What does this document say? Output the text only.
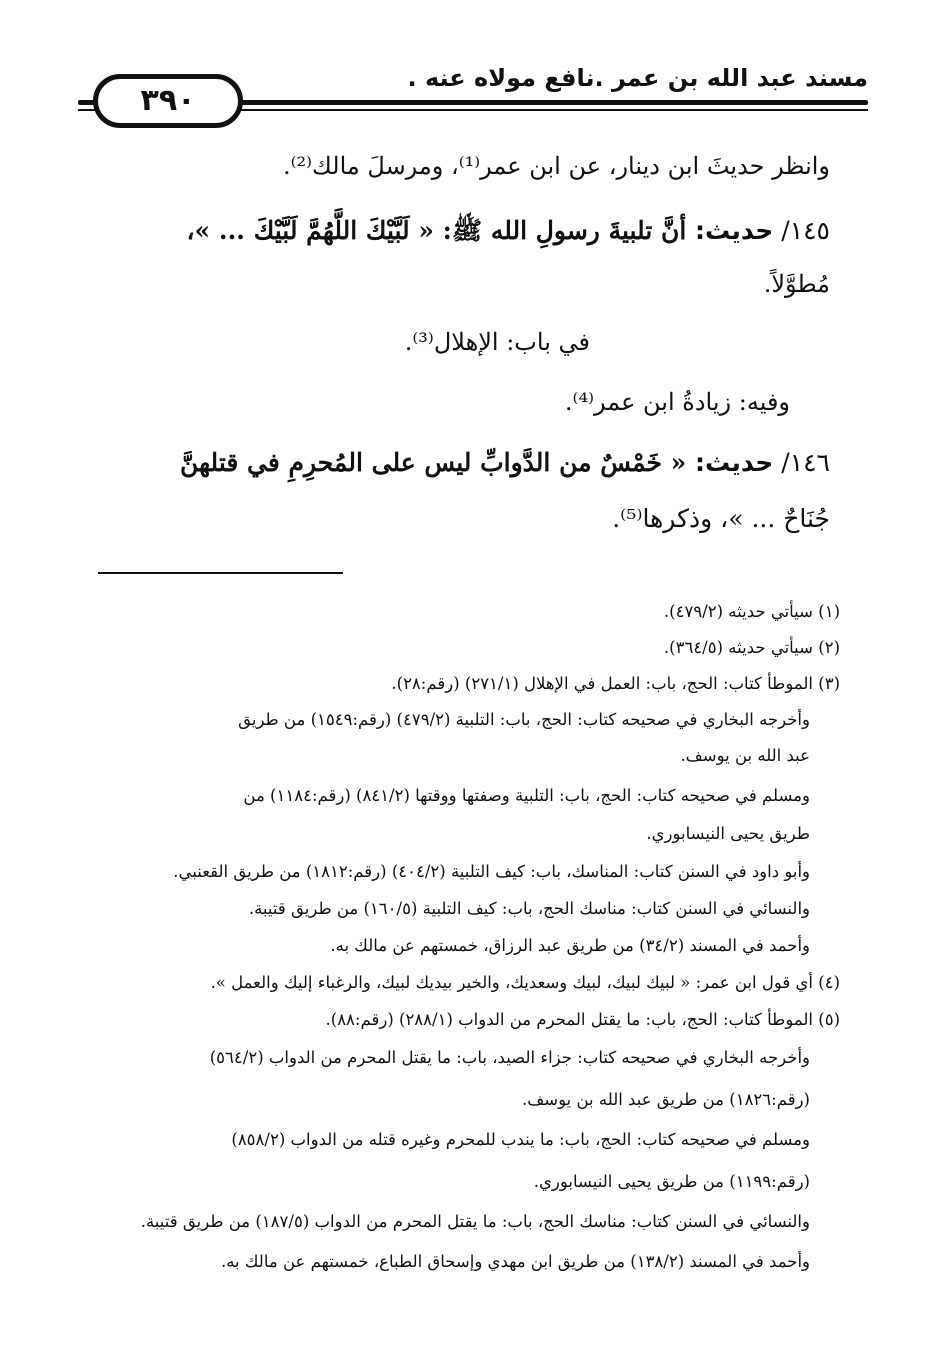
مسند عبد الله بن عمر .نافع مولاه عنه .
٣٩٠
وانظر حديثَ ابن دينار، عن ابن عمر⁽¹⁾، ومرسلَ مالك⁽²⁾.
١٤٥/ حديث: أنَّ تلبيةَ رسولِ الله ﷺ: « لَبَّيْكَ اللَّهُمَّ لَبَّيْكَ ... »،
مُطوَّلاً.
في باب: الإهلال⁽³⁾.
وفيه: زيادةُ ابن عمر⁽⁴⁾.
١٤٦/ حديث: « خَمْسٌ من الدَّوابِّ ليس على المُحرِمِ في قتلهنَّ
جُنَاحٌ ... »، وذكرها⁽⁵⁾.
(١) سيأتي حديثه (٤٧٩/٢).
(٢) سيأتي حديثه (٣٦٤/٥).
(٣) الموطأ كتاب: الحج، باب: العمل في الإهلال (٢٧١/١) (رقم:٢٨).
وأخرجه البخاري في صحيحه كتاب: الحج، باب: التلبية (٤٧٩/٢) (رقم:١٥٤٩) من طريق
عبد الله بن يوسف.
ومسلم في صحيحه كتاب: الحج، باب: التلبية وصفتها ووقتها (٨٤١/٢) (رقم:١١٨٤) من
طريق يحيى النيسابوري.
وأبو داود في السنن كتاب: المناسك، باب: كيف التلبية (٤٠٤/٢) (رقم:١٨١٢) من طريق القعنبي.
والنسائي في السنن كتاب: مناسك الحج، باب: كيف التلبية (١٦٠/٥) من طريق قتيبة.
وأحمد في المسند (٣٤/٢) من طريق عبد الرزاق، خمستهم عن مالك به.
(٤) أي قول ابن عمر: « لبيك لبيك، لبيك وسعديك، والخير بيديك لبيك، والرغباء إليك والعمل ».
(٥) الموطأ كتاب: الحج، باب: ما يقتل المحرم من الدواب (٢٨٨/١) (رقم:٨٨).
وأخرجه البخاري في صحيحه كتاب: جزاء الصيد، باب: ما يقتل المحرم من الدواب (٥٦٤/٢)
(رقم:١٨٢٦) من طريق عبد الله بن يوسف.
ومسلم في صحيحه كتاب: الحج، باب: ما يندب للمحرم وغيره قتله من الدواب (٨٥٨/٢)
(رقم:١١٩٩) من طريق يحيى النيسابوري.
والنسائي في السنن كتاب: مناسك الحج، باب: ما يقتل المحرم من الدواب (١٨٧/٥) من طريق قتيبة.
وأحمد في المسند (١٣٨/٢) من طريق ابن مهدي وإسحاق الطباع، خمستهم عن مالك به.
